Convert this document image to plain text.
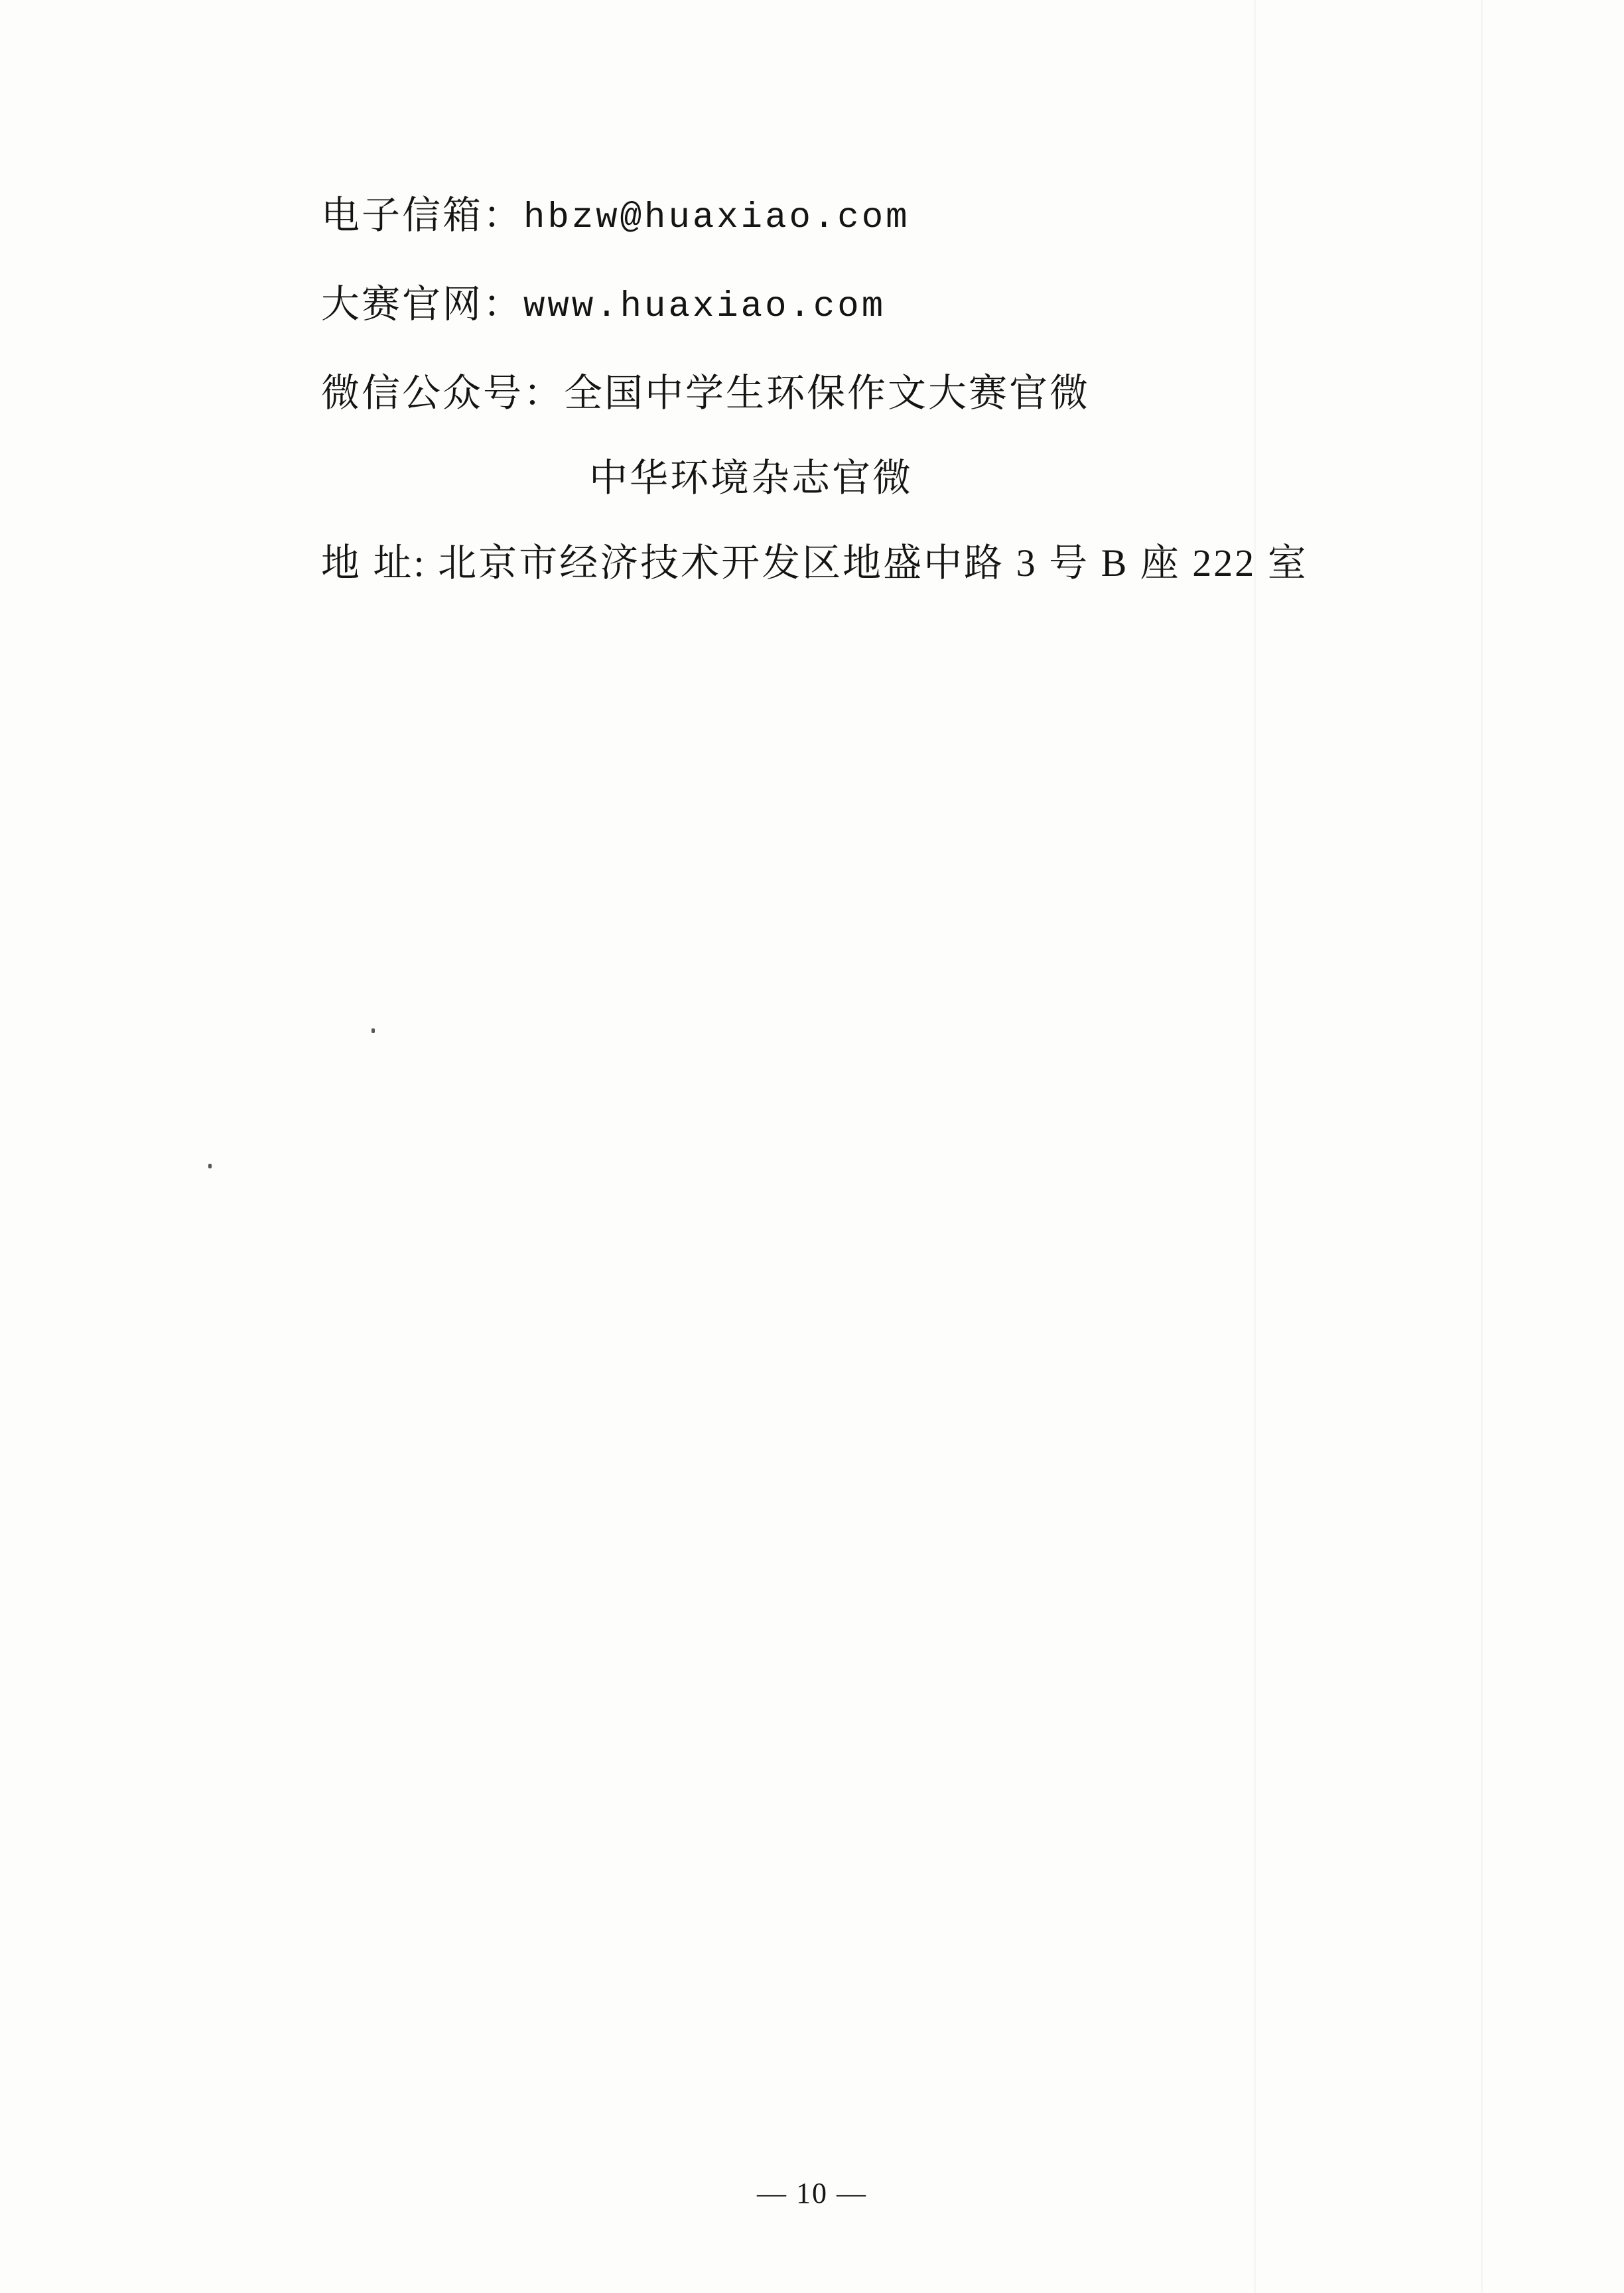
电子信箱： hbzw@huaxiao.com
大赛官网： www.huaxiao.com
微信公众号： 全国中学生环保作文大赛官微
中华环境杂志官微
地 址: 北京市经济技术开发区地盛中路 3 号 B 座 222 室
— 10 —
